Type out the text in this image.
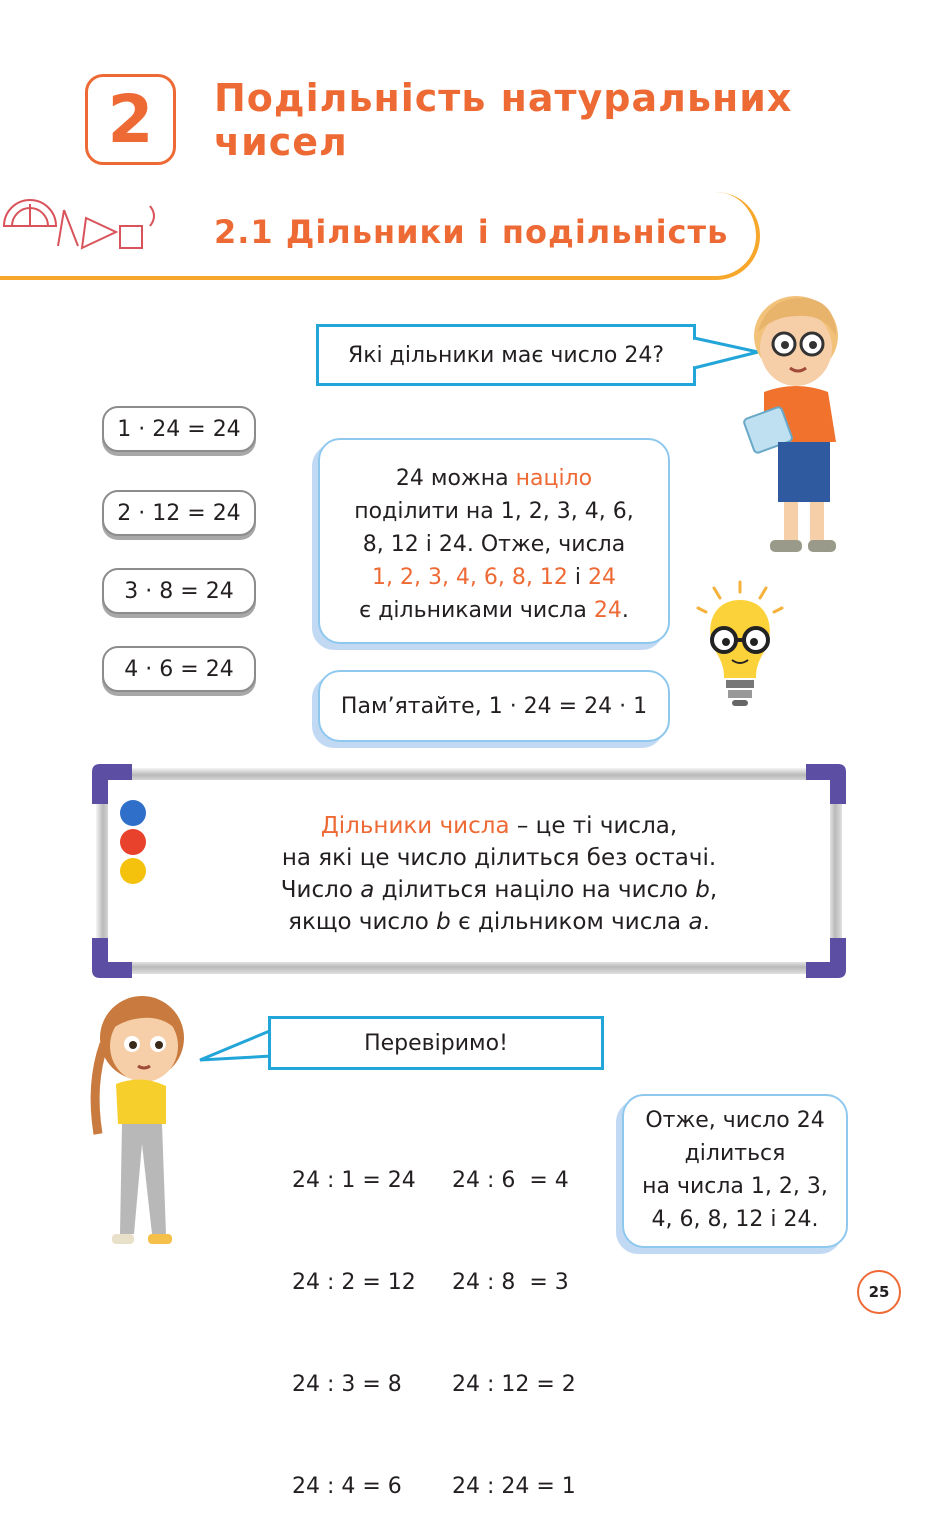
2 Подільність натуральних чисел
2.1 Дільники і подільність
Які дільники має число 24?
1 · 24 = 24
2 · 12 = 24
3 · 8 = 24
4 · 6 = 24
24 можна націло
поділити на 1, 2, 3, 4, 6,
8, 12 і 24. Отже, числа
1, 2, 3, 4, 6, 8, 12 і 24
є дільниками числа 24.
Пам’ятайте, 1 · 24 = 24 · 1
Дільники числа – це ті числа,
на які це число ділиться без остачі.
Число a ділиться націло на число b,
якщо число b є дільником числа a.
Перевіримо!

24 : 1 = 24

24 : 2 = 12

24 : 3 = 8

24 : 4 = 6

24 : 6  = 4

24 : 8  = 3

24 : 12 = 2

24 : 24 = 1

Отже, число 24
ділиться
на числа 1, 2, 3,
4, 6, 8, 12 і 24.
25
